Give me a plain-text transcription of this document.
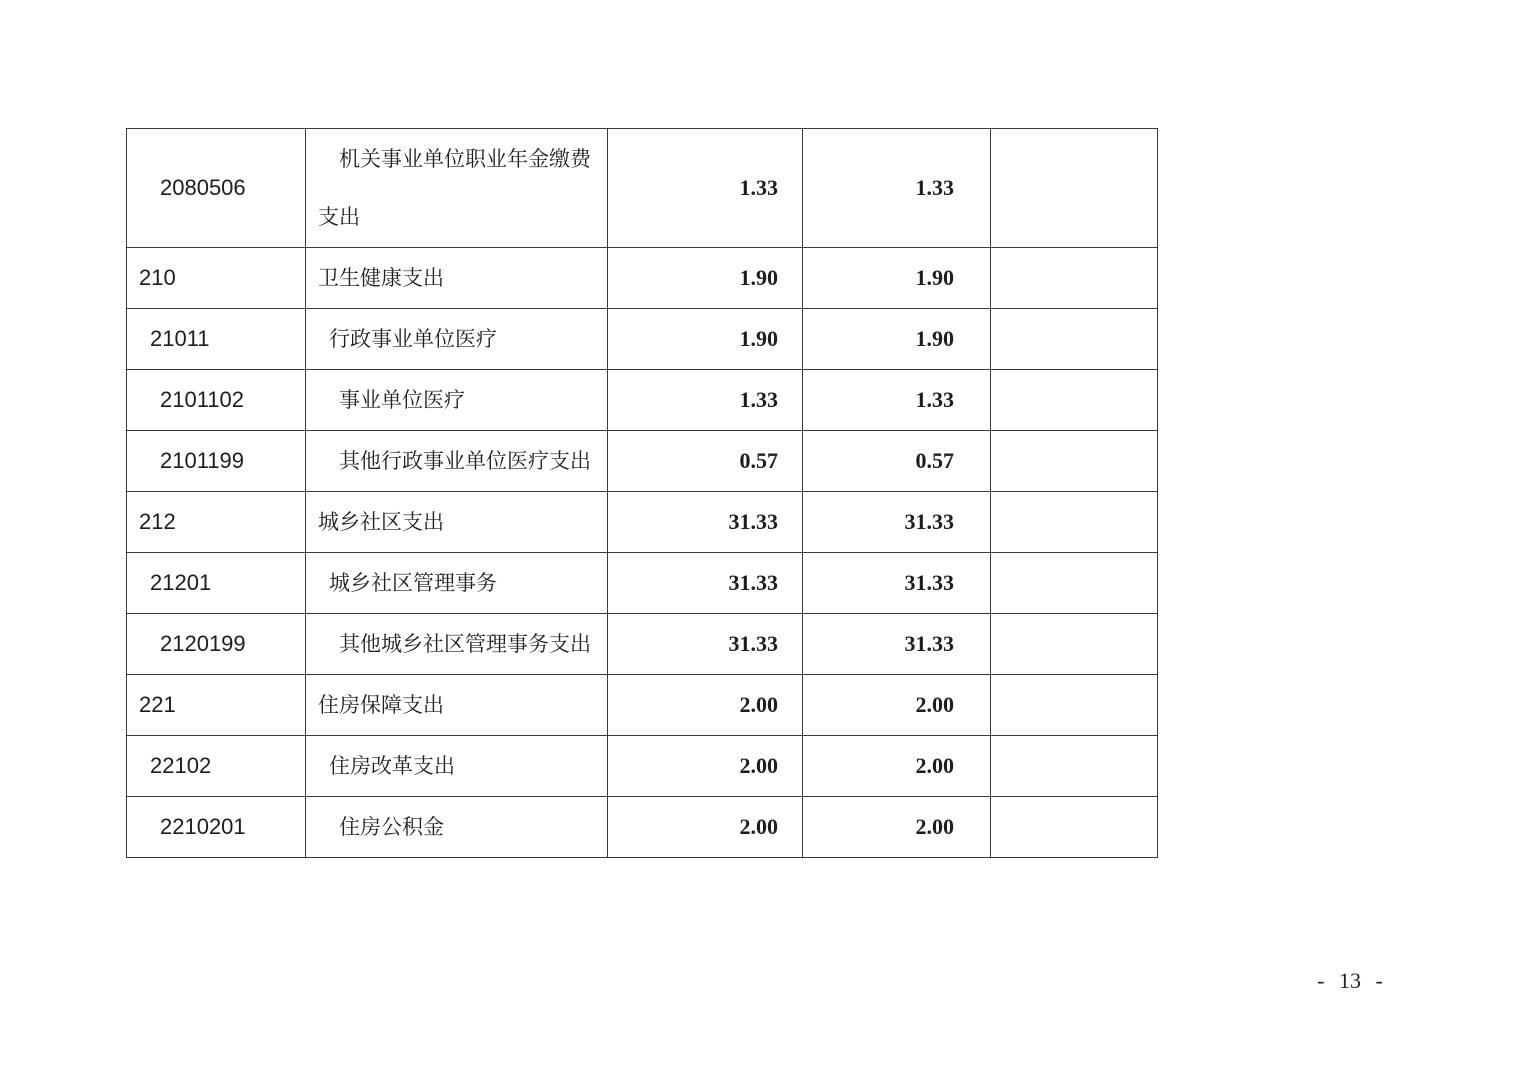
2080506	机关事业单位职业年金缴费支出	1.33	1.33	
210	卫生健康支出	1.90	1.90	
21011	行政事业单位医疗	1.90	1.90	
2101102	事业单位医疗	1.33	1.33	
2101199	其他行政事业单位医疗支出	0.57	0.57	
212	城乡社区支出	31.33	31.33	
21201	城乡社区管理事务	31.33	31.33	
2120199	其他城乡社区管理事务支出	31.33	31.33	
221	住房保障支出	2.00	2.00	
22102	住房改革支出	2.00	2.00	
2210201	住房公积金	2.00	2.00	
- 13 -
